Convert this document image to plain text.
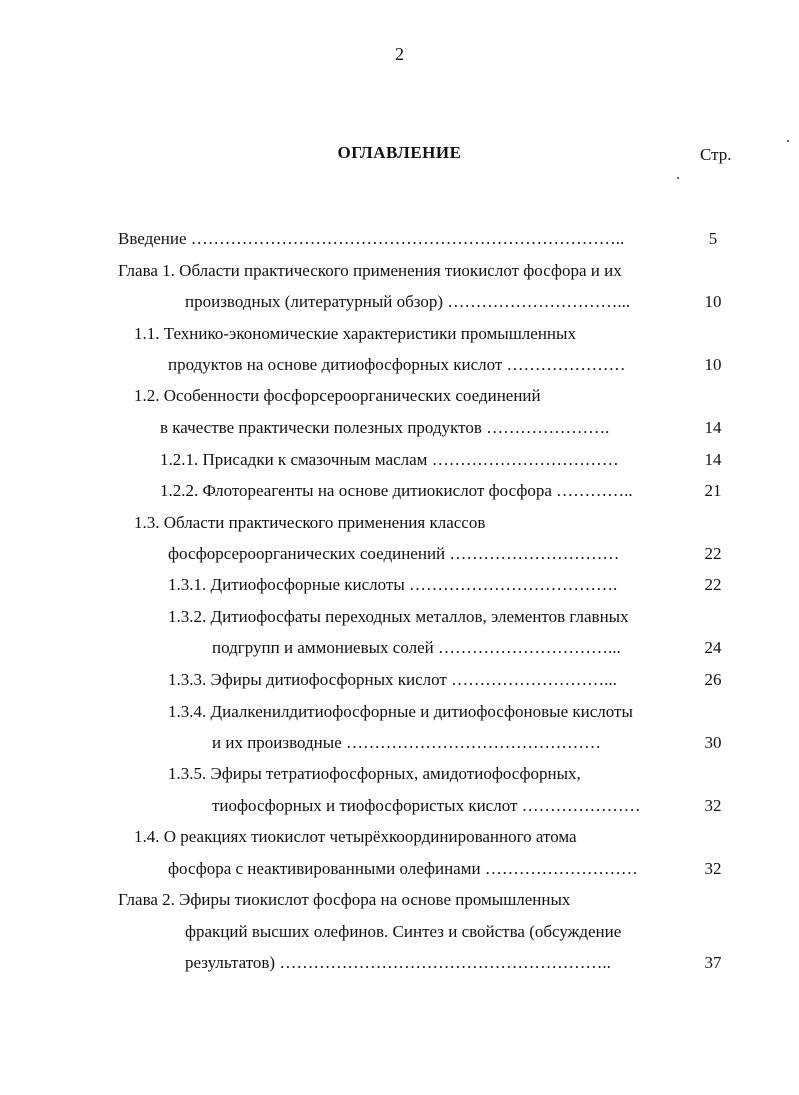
2
ОГЛАВЛЕНИЕ	Стр.
Введение …………………………………………………………………..	5
Глава 1. Области практического применения тиокислот фосфора и их
производных (литературный обзор) …………………………...	10
1.1. Технико-экономические характеристики промышленных
продуктов на основе дитиофосфорных кислот …………………	10
1.2. Особенности фосфорсероорганических соединений
в качестве практически полезных продуктов ………………….	14
1.2.1. Присадки к смазочным маслам ……………………………	14
1.2.2. Флотореагенты на основе дитиокислот фосфора …………..	21
1.3. Области практического применения классов
фосфорсероорганических соединений …………………………	22
1.3.1. Дитиофосфорные кислоты ……………………………….	22
1.3.2. Дитиофосфаты переходных металлов, элементов главных
подгрупп и аммониевых солей …………………………...	24
1.3.3. Эфиры дитиофосфорных кислот ………………………...	26
1.3.4. Диалкенилдитиофосфорные и дитиофосфоновые кислоты
и их производные ………………………………………	30
1.3.5. Эфиры тетратиофосфорных, амидотиофосфорных,
тиофосфорных и тиофосфористых кислот …………………	32
1.4. О реакциях тиокислот четырёхкоординированного атома
фосфора с неактивированными олефинами ………………………	32
Глава 2. Эфиры тиокислот фосфора на основе промышленных
фракций высших олефинов. Синтез и свойства (обсуждение
результатов) …………………………………………………..	37
